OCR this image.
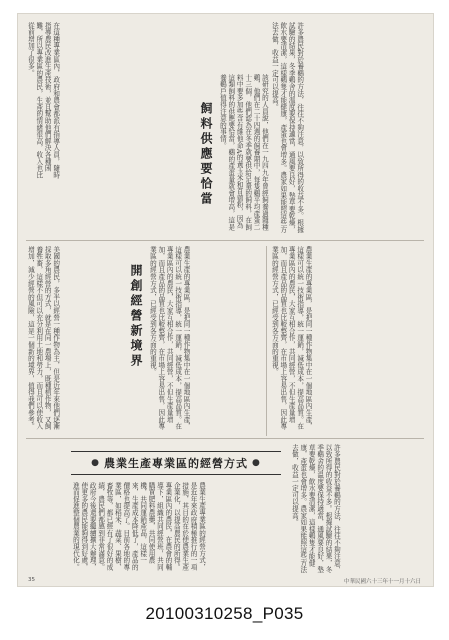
許多農民對於養鷄的方法，往往不夠注意，以致所得的收益不多。根據試驗的結果，冬季鷄舍的温度要保持適當，通風要良好，墊草要乾燥，飲水要清潔，這樣鷄隻才能健康，產蛋也會增多。農家如果能照這些方法去做，收益一定可以提高。
在這種專業區內，政府和農會都派有指導人員，隨時指導農民改進生產技術，並且幫助他們解決各種困難，所以專業區的農民，生產的情緒很高，收入也比從前增加了很多。
飼料供應要恰當	該研究的人員說，他們在一九四九年曾經飼養過雜種鷄，他們在二十四週的飼養期中，每隻鷄平均產蛋二十三個，他們認為在冬季就要供給足量的飼料，在飼料中要多加些含有維他命A的黃玉米和苜蓿粉，因為這類飼料的供應要恰當，鷄的產蛋量就會增高，這是養鷄戶值得注意的事情。
農業生產的專業區，是把同一種作物集中在一個地區內生產，這樣可以統一技術指導，統一運銷，減低成本，提高品質。在專業區內的農民，大家互相合作，共同經營，不但生產量增加，而且產品的品質也比較整齊，在市場上容易出售，因此專業區的經營方式，已經受到各方面的重視。
美國的農民，多半以經營一種作物為主，但是近年來他們逐漸採取多角經營的方式，就是在同一農場上，既種植作物，又飼養牲畜，這樣不但可以充分利用土地和勞力，而且可以使收入增加，減少經營的風險，這是一個新的境界，值得我們參考。	開創經營新境界	農業生產的專業區，是把同一種作物集中在一個地區內生產，這樣可以統一技術指導，統一運銷，減低成本，提高品質。在專業區內的農民，大家互相合作，共同經營，不但生產量增加，而且產品的品質也比較整齊，在市場上容易出售，因此專業區的經營方式，已經受到各方面的重視。
● 農業生產專業區的經營方式 ●
農業生產專業區的經營方式，是近年來政府積極推行的一項措施，其目的在於使農業生產企業化，以提高農民的所得。專業區內的農民，在農會的輔導下，組織共同經營班，共同購買肥料農藥，共同使用農機，共同運銷產品，這樣一來，生產成本降低了，產品的價格也提高了。目前各地的專業區，如稻米、蔬菜、果樹、畜牧等，都已經有了很好的成績，農民們都感到非常滿意。政府今後還要繼續擴大辦理，使更多的農民能夠得到好處，進而促進整個農業的現代化。	許多農民對於養鷄的方法，往往不夠注意，以致所得的收益不多。根據試驗的結果，冬季鷄舍的温度要保持適當，通風要良好，墊草要乾燥，飲水要清潔，這樣鷄隻才能健康，產蛋也會增多。農家如果能照這些方法去做，收益一定可以提高。
35	中華民國六十三年十一月十六日
20100310258_P035
